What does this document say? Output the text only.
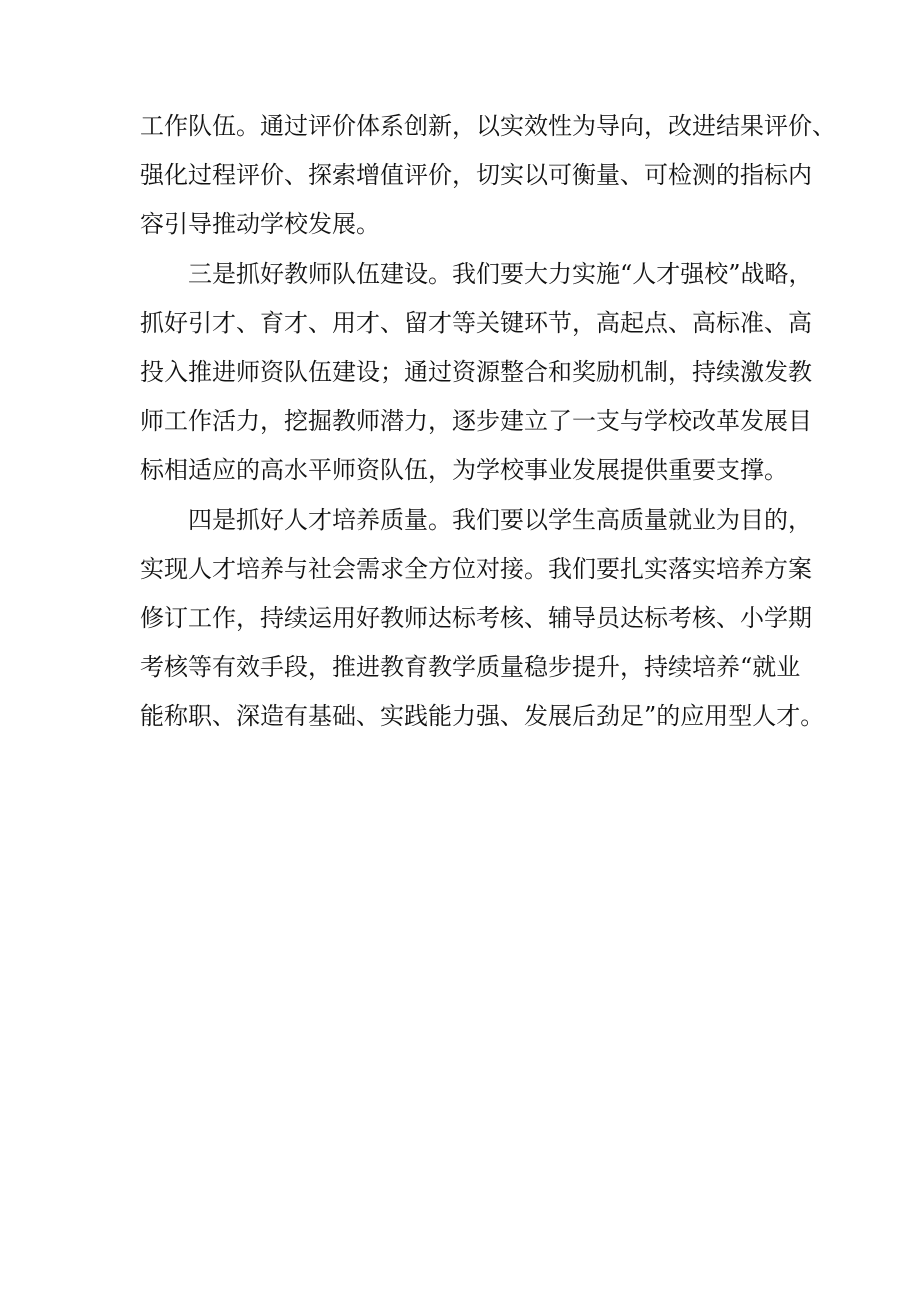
工作队伍。通过评价体系创新，以实效性为导向，改进结果评价、
强化过程评价、探索增值评价，切实以可衡量、可检测的指标内
容引导推动学校发展。

三是抓好教师队伍建设。我们要大力实施“人才强校”战略，
抓好引才、育才、用才、留才等关键环节，高起点、高标准、高
投入推进师资队伍建设；通过资源整合和奖励机制，持续激发教
师工作活力，挖掘教师潜力，逐步建立了一支与学校改革发展目
标相适应的高水平师资队伍，为学校事业发展提供重要支撑。

四是抓好人才培养质量。我们要以学生高质量就业为目的，
实现人才培养与社会需求全方位对接。我们要扎实落实培养方案
修订工作，持续运用好教师达标考核、辅导员达标考核、小学期
考核等有效手段，推进教育教学质量稳步提升，持续培养“就业
能称职、深造有基础、实践能力强、发展后劲足”的应用型人才。
